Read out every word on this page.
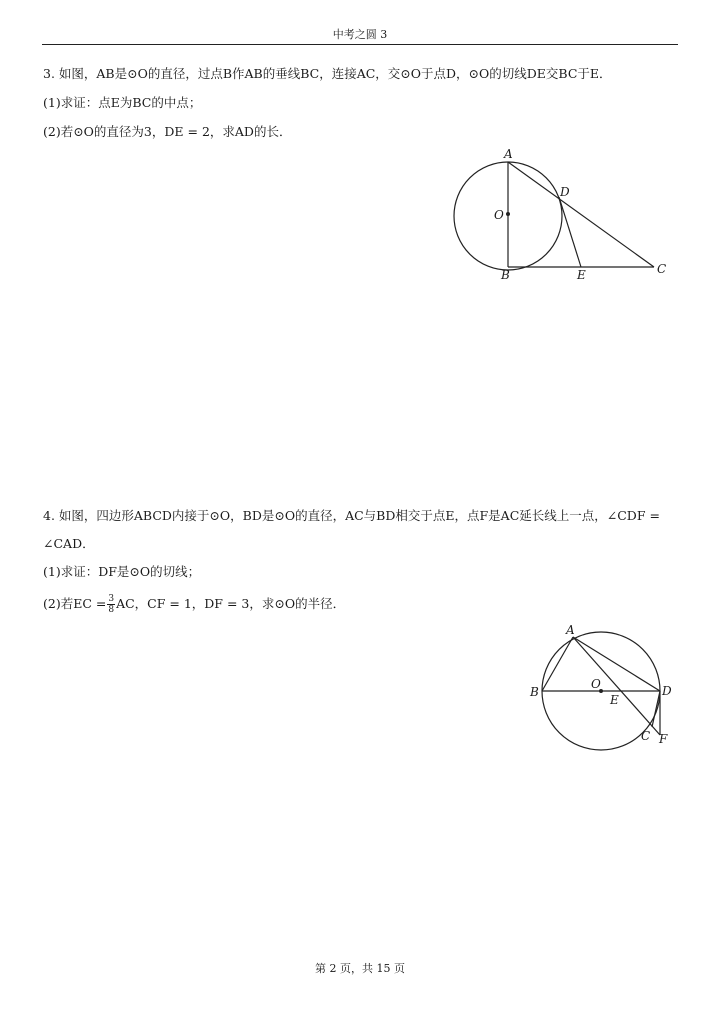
中考之圆 3
3. 如图，AB是⊙O的直径，过点B作AB的垂线BC，连接AC，交⊙O于点D，⊙O的切线DE交BC于E．
(1)求证：点E为BC的中点；
(2)若⊙O的直径为3，DE = 2，求AD的长．
A
O
D
B	E	C
4. 如图，四边形ABCD内接于⊙O，BD是⊙O的直径，AC与BD相交于点E，点F是AC延长线上一点，∠CDF =
∠CAD．
(1)求证：DF是⊙O的切线；
(2)若EC = $\frac{3}{8}$ AC，CF = 1，DF = 3，求⊙O的半径．
A
B
O
E
D
C F
第 2 页，共 15 页
